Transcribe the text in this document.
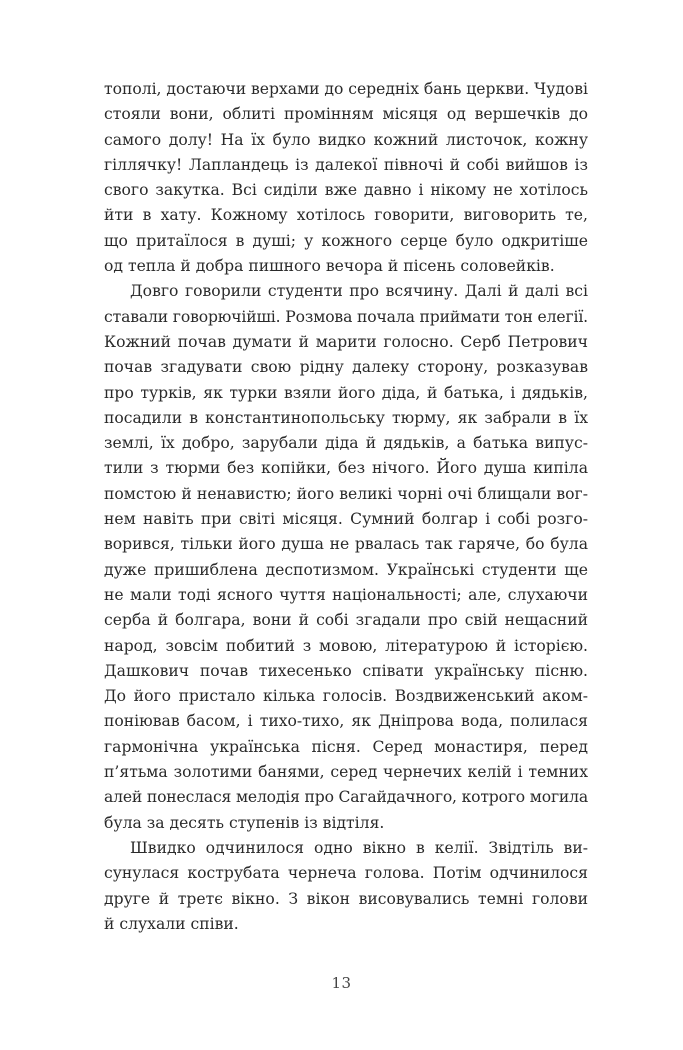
тополі, достаючи верхами до середніх бань церкви. Чудові
стояли вони, облиті промінням місяця од вершечків до
самого долу! На їх було видко кожний листочок, кожну
гіллячку! Лапландець із далекої півночі й собі вийшов із
свого закутка. Всі сиділи вже давно і нікому не хотілось
йти в хату. Кожному хотілось говорити, виговорить те,
що притаїлося в душі; у кожного серце було одкритіше
од тепла й добра пишного вечора й пісень соловейків.
Довго говорили студенти про всячину. Далі й далі всі
ставали говорючійші. Розмова почала приймати тон елегії.
Кожний почав думати й марити голосно. Серб Петрович
почав згадувати свою рідну далеку сторону, розказував
про турків, як турки взяли його діда, й батька, і дядьків,
посадили в константинопольську тюрму, як забрали в їх
землі, їх добро, зарубали діда й дядьків, а батька випус-
тили з тюрми без копійки, без нічого. Його душа кипіла
помстою й ненавистю; його великі чорні очі блищали вог-
нем навіть при світі місяця. Сумний болгар і собі розго-
ворився, тільки його душа не рвалась так гаряче, бо була
дуже пришиблена деспотизмом. Українські студенти ще
не мали тоді ясного чуття національності; але, слухаючи
серба й болгара, вони й собі згадали про свій нещасний
народ, зовсім побитий з мовою, літературою й історією.
Дашкович почав тихесенько співати українську пісню.
До його пристало кілька голосів. Воздвиженський аком-
поніював басом, і тихо-тихо, як Дніпрова вода, полилася
гармонічна українська пісня. Серед монастиря, перед
п’ятьма золотими банями, серед чернечих келій і темних
алей понеслася мелодія про Сагайдачного, котрого могила
була за десять ступенів із відтіля.
Швидко одчинилося одно вікно в келії. Звідтіль ви-
сунулася кострубата чернеча голова. Потім одчинилося
друге й третє вікно. З вікон висовувались темні голови
й слухали співи.
13
